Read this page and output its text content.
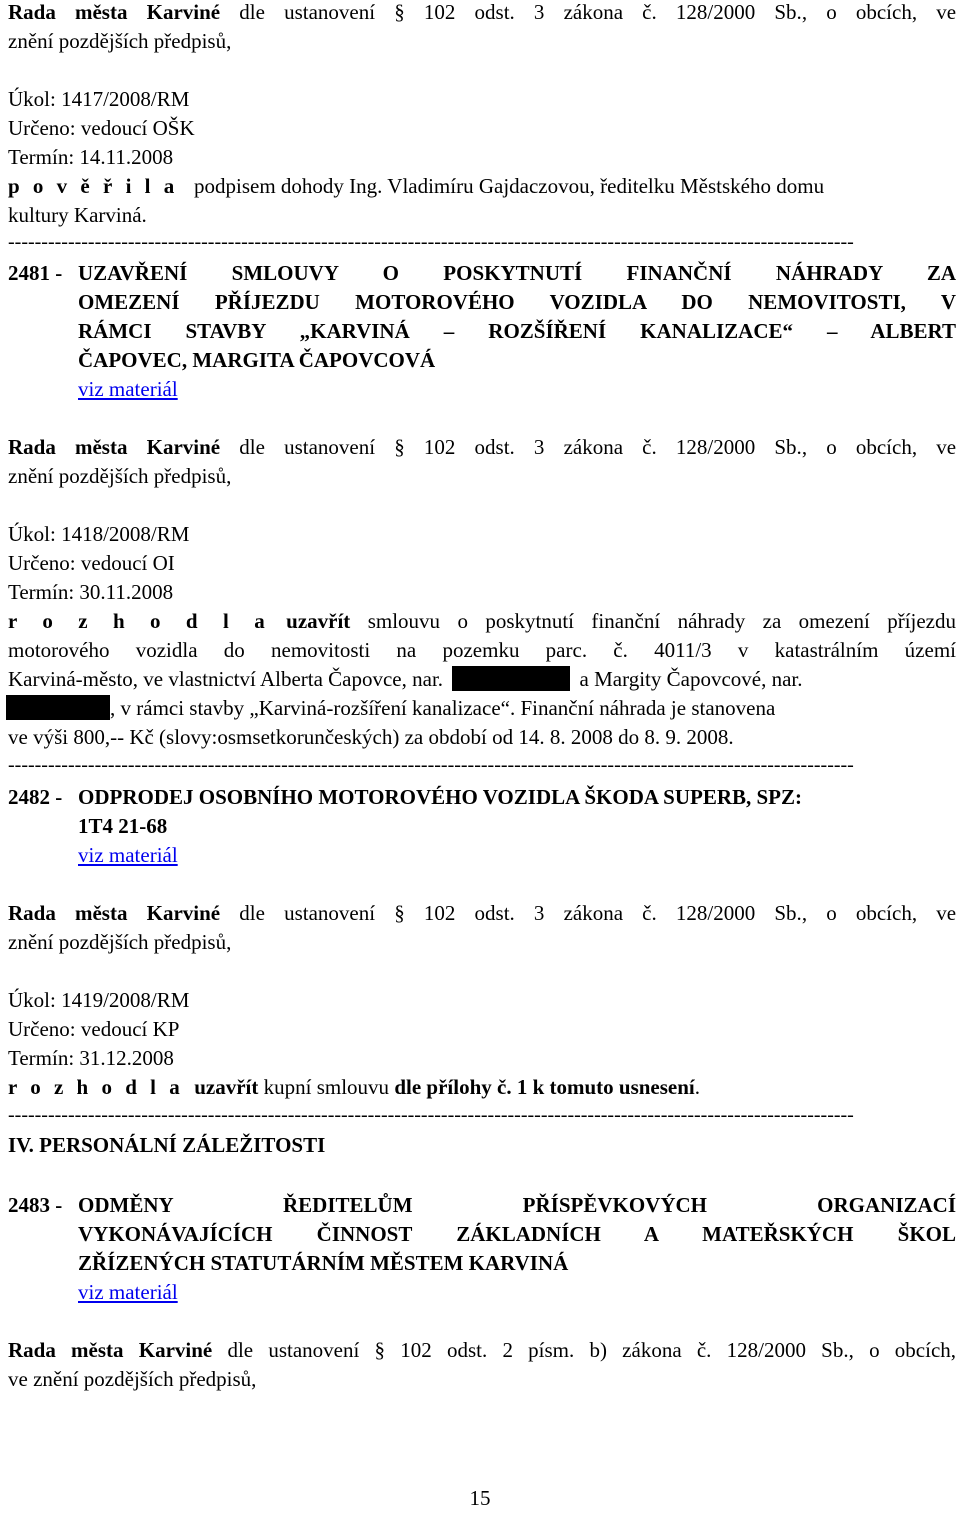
Rada města Karviné dle ustanovení § 102 odst. 3 zákona č. 128/2000 Sb., o obcích, ve
znění pozdějších předpisů,
Úkol: 1417/2008/RM
Určeno: vedoucí OŠK
Termín: 14.11.2008
p o v ě ř i l a podpisem dohody Ing. Vladimíru Gajdaczovou, ředitelku Městského domu
kultury Karviná.
-------------------------------------------------------------------------------------------------------------------------------
2481 - UZAVŘENÍ SMLOUVY O POSKYTNUTÍ FINANČNÍ NÁHRADY ZA
OMEZENÍ PŘÍJEZDU MOTOROVÉHO VOZIDLA DO NEMOVITOSTI, V
RÁMCI STAVBY „KARVINÁ – ROZŠÍŘENÍ KANALIZACE“ – ALBERT
ČAPOVEC, MARGITA ČAPOVCOVÁ
viz materiál
Rada města Karviné dle ustanovení § 102 odst. 3 zákona č. 128/2000 Sb., o obcích, ve
znění pozdějších předpisů,
Úkol: 1418/2008/RM
Určeno: vedoucí OI
Termín: 30.11.2008
r o z h o d l a uzavřít smlouvu o poskytnutí finanční náhrady za omezení příjezdu
motorového vozidla do nemovitosti na pozemku parc. č. 4011/3 v katastrálním území
Karviná-město, ve vlastnictví Alberta Čapovce, nar.	a Margity Čapovcové, nar.
, v rámci stavby „Karviná-rozšíření kanalizace“. Finanční náhrada je stanovena
ve výši 800,-- Kč (slovy:osmsetkorunčeských) za období od 14. 8. 2008 do 8. 9. 2008.
-------------------------------------------------------------------------------------------------------------------------------
2482 - ODPRODEJ OSOBNÍHO MOTOROVÉHO VOZIDLA ŠKODA SUPERB, SPZ:
1T4 21-68
viz materiál
Rada města Karviné dle ustanovení § 102 odst. 3 zákona č. 128/2000 Sb., o obcích, ve
znění pozdějších předpisů,
Úkol: 1419/2008/RM
Určeno: vedoucí KP
Termín: 31.12.2008
r o z h o d l a uzavřít kupní smlouvu dle přílohy č. 1 k tomuto usnesení.
-------------------------------------------------------------------------------------------------------------------------------
IV. PERSONÁLNÍ ZÁLEŽITOSTI
2483 - ODMĚNY ŘEDITELŮM PŘÍSPĚVKOVÝCH ORGANIZACÍ
VYKONÁVAJÍCÍCH ČINNOST ZÁKLADNÍCH A MATEŘSKÝCH ŠKOL
ZŘÍZENÝCH STATUTÁRNÍM MĚSTEM KARVINÁ
viz materiál
Rada města Karviné dle ustanovení § 102 odst. 2 písm. b) zákona č. 128/2000 Sb., o obcích,
ve znění pozdějších předpisů,
15
